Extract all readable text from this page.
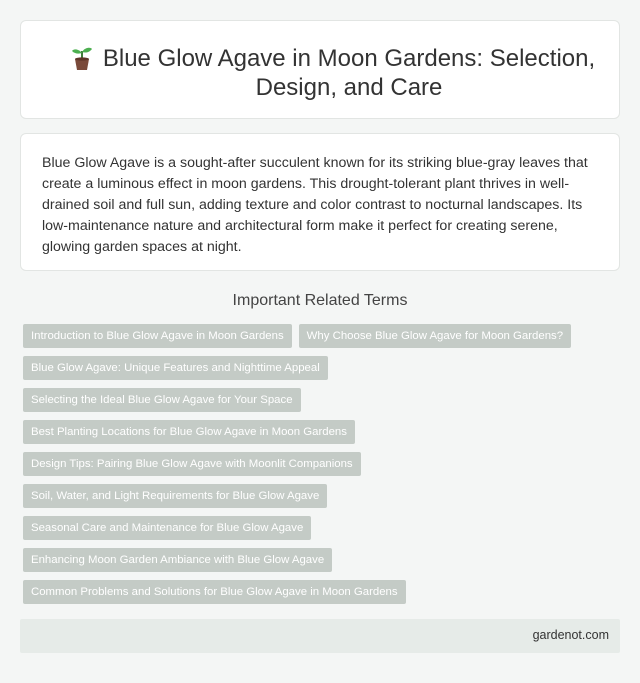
Blue Glow Agave in Moon Gardens: Selection, Design, and Care

Blue Glow Agave is a sought-after succulent known for its striking blue-gray leaves that create a luminous effect in moon gardens. This drought-tolerant plant thrives in well-drained soil and full sun, adding texture and color contrast to nocturnal landscapes. Its low-maintenance nature and architectural form make it perfect for creating serene, glowing garden spaces at night.

Important Related Terms
Introduction to Blue Glow Agave in Moon Gardens	Why Choose Blue Glow Agave for Moon Gardens?
Blue Glow Agave: Unique Features and Nighttime Appeal
Selecting the Ideal Blue Glow Agave for Your Space
Best Planting Locations for Blue Glow Agave in Moon Gardens
Design Tips: Pairing Blue Glow Agave with Moonlit Companions
Soil, Water, and Light Requirements for Blue Glow Agave
Seasonal Care and Maintenance for Blue Glow Agave
Enhancing Moon Garden Ambiance with Blue Glow Agave
Common Problems and Solutions for Blue Glow Agave in Moon Gardens
gardenot.com
